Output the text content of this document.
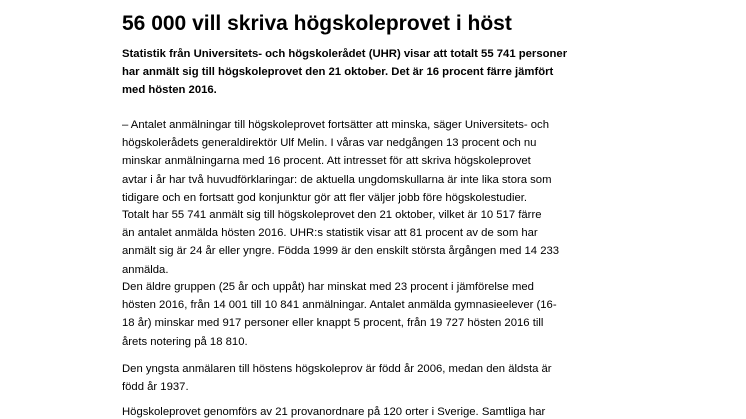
56 000 vill skriva högskoleprovet i höst

Statistik från Universitets- och högskolerådet (UHR) visar att totalt 55 741 personer
har anmält sig till högskoleprovet den 21 oktober. Det är 16 procent färre jämfört
med hösten 2016.

– Antalet anmälningar till högskoleprovet fortsätter att minska, säger Universitets- och
högskolerådets generaldirektör Ulf Melin. I våras var nedgången 13 procent och nu
minskar anmälningarna med 16 procent. Att intresset för att skriva högskoleprovet
avtar i år har två huvudförklaringar: de aktuella ungdomskullarna är inte lika stora som
tidigare och en fortsatt god konjunktur gör att fler väljer jobb före högskolestudier.

Totalt har 55 741 anmält sig till högskoleprovet den 21 oktober, vilket är 10 517 färre
än antalet anmälda hösten 2016. UHR:s statistik visar att 81 procent av de som har
anmält sig är 24 år eller yngre. Födda 1999 är den enskilt största årgången med 14 233
anmälda.

Den äldre gruppen (25 år och uppåt) har minskat med 23 procent i jämförelse med
hösten 2016, från 14 001 till 10 841 anmälningar. Antalet anmälda gymnasieelever (16-
18 år) minskar med 917 personer eller knappt 5 procent, från 19 727 hösten 2016 till
årets notering på 18 810.

Den yngsta anmälaren till höstens högskoleprov är född år 2006, medan den äldsta är
född år 1937.

Högskoleprovet genomförs av 21 provanordnare på 120 orter i Sverige. Samtliga har
